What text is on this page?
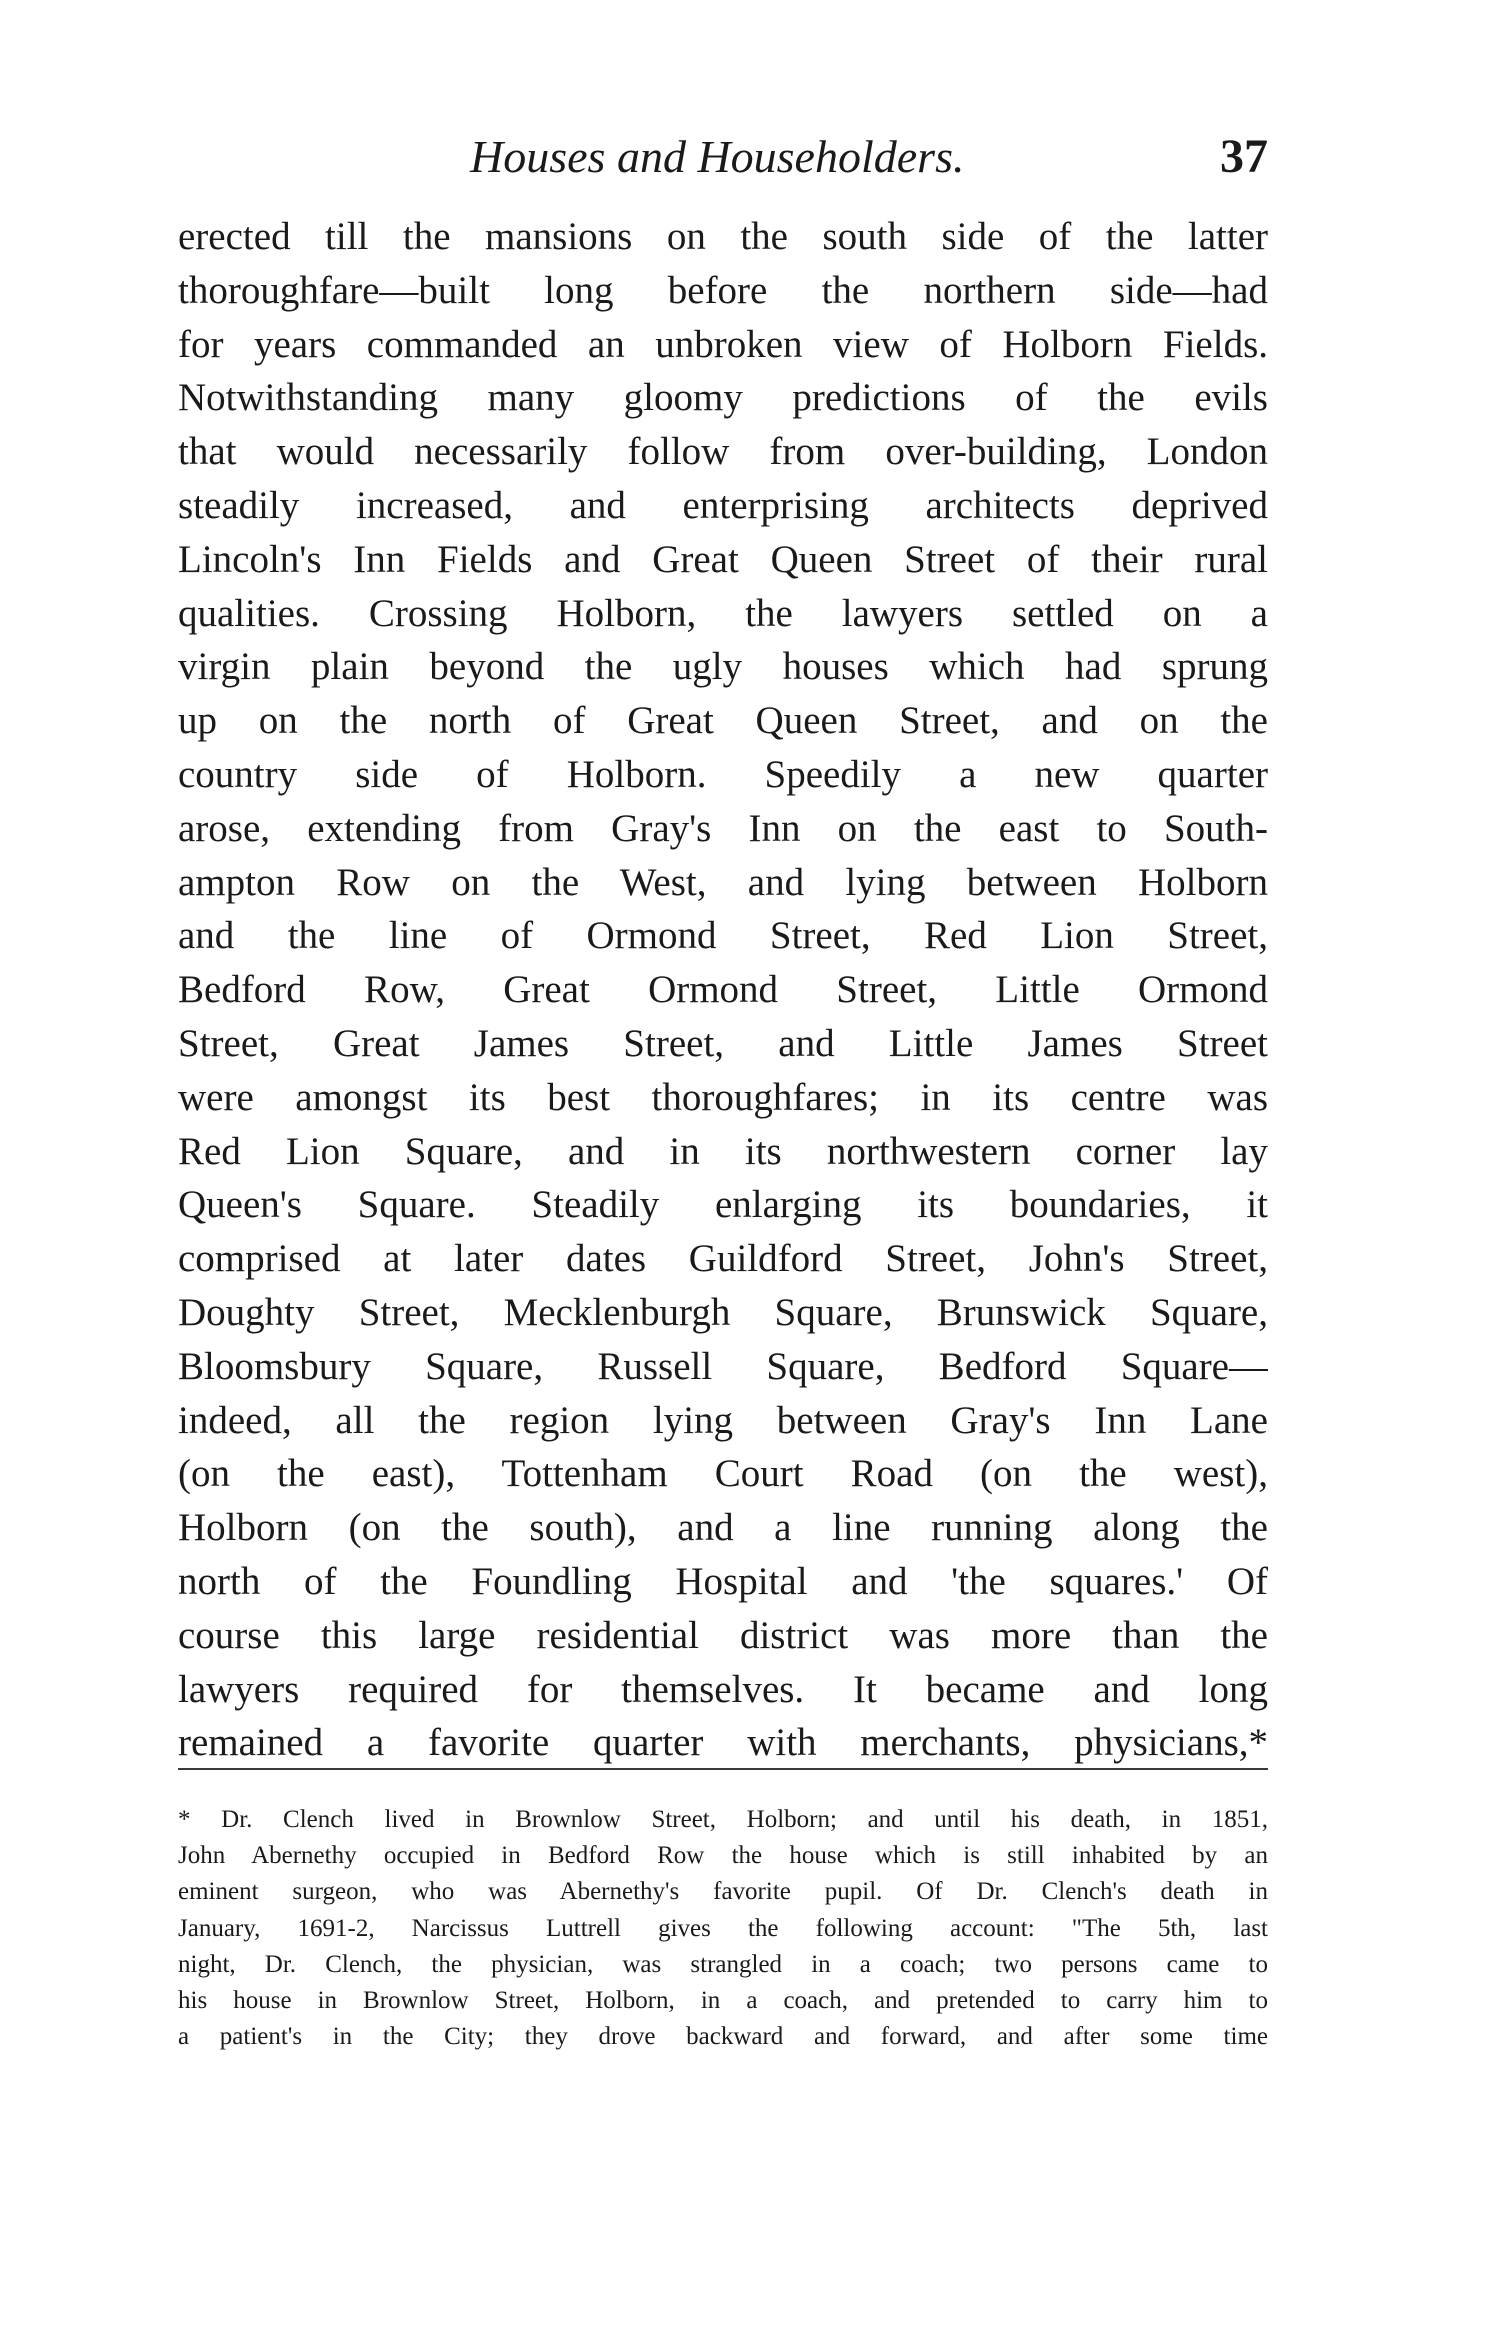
Houses and Householders.	37
erected till the mansions on the south side of the latter
thoroughfare—built long before the northern side—had
for years commanded an unbroken view of Holborn Fields.
Notwithstanding many gloomy predictions of the evils
that would necessarily follow from over-building, London
steadily increased, and enterprising architects deprived
Lincoln's Inn Fields and Great Queen Street of their rural
qualities. Crossing Holborn, the lawyers settled on a
virgin plain beyond the ugly houses which had sprung
up on the north of Great Queen Street, and on the
country side of Holborn. Speedily a new quarter
arose, extending from Gray's Inn on the east to South-
ampton Row on the West, and lying between Holborn
and the line of Ormond Street, Red Lion Street,
Bedford Row, Great Ormond Street, Little Ormond
Street, Great James Street, and Little James Street
were amongst its best thoroughfares; in its centre was
Red Lion Square, and in its northwestern corner lay
Queen's Square. Steadily enlarging its boundaries, it
comprised at later dates Guildford Street, John's Street,
Doughty Street, Mecklenburgh Square, Brunswick Square,
Bloomsbury Square, Russell Square, Bedford Square—
indeed, all the region lying between Gray's Inn Lane
(on the east), Tottenham Court Road (on the west),
Holborn (on the south), and a line running along the
north of the Foundling Hospital and 'the squares.' Of
course this large residential district was more than the
lawyers required for themselves. It became and long
remained a favorite quarter with merchants, physicians,*
* Dr. Clench lived in Brownlow Street, Holborn; and until his death, in 1851,
John Abernethy occupied in Bedford Row the house which is still inhabited by an
eminent surgeon, who was Abernethy's favorite pupil. Of Dr. Clench's death in
January, 1691-2, Narcissus Luttrell gives the following account: "The 5th, last
night, Dr. Clench, the physician, was strangled in a coach; two persons came to
his house in Brownlow Street, Holborn, in a coach, and pretended to carry him to
a patient's in the City; they drove backward and forward, and after some time
